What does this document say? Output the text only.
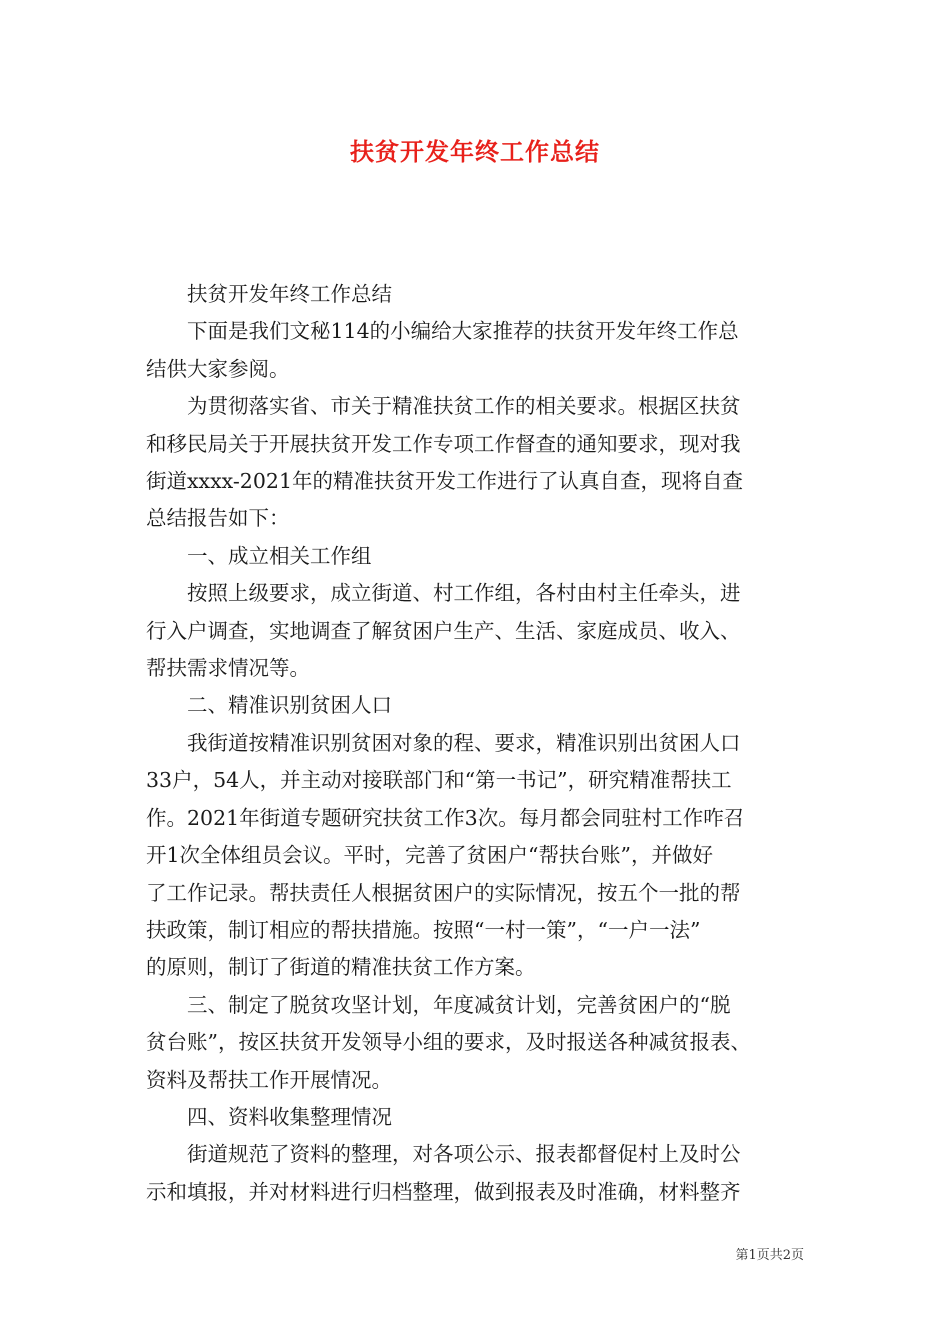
扶贫开发年终工作总结

扶贫开发年终工作总结

下面是我们文秘114的小编给大家推荐的扶贫开发年终工作总
结供大家参阅。

为贯彻落实省、市关于精准扶贫工作的相关要求。根据区扶贫
和移民局关于开展扶贫开发工作专项工作督查的通知要求，现对我
街道xxxx-2021年的精准扶贫开发工作进行了认真自查，现将自查
总结报告如下：

一、成立相关工作组

按照上级要求，成立街道、村工作组，各村由村主任牵头，进
行入户调查，实地调查了解贫困户生产、生活、家庭成员、收入、
帮扶需求情况等。

二、精准识别贫困人口

我街道按精准识别贫困对象的程、要求，精准识别出贫困人口
33户，54人，并主动对接联部门和“第一书记”，研究精准帮扶工
作。2021年街道专题研究扶贫工作3次。每月都会同驻村工作咋召
开1次全体组员会议。平时，完善了贫困户“帮扶台账”，并做好
了工作记录。帮扶责任人根据贫困户的实际情况，按五个一批的帮
扶政策，制订相应的帮扶措施。按照“一村一策”，“一户一法”
的原则，制订了街道的精准扶贫工作方案。

三、制定了脱贫攻坚计划，年度减贫计划，完善贫困户的“脱
贫台账”，按区扶贫开发领导小组的要求，及时报送各种减贫报表、
资料及帮扶工作开展情况。

四、资料收集整理情况

街道规范了资料的整理，对各项公示、报表都督促村上及时公
示和填报，并对材料进行归档整理，做到报表及时准确，材料整齐

第1页共2页
